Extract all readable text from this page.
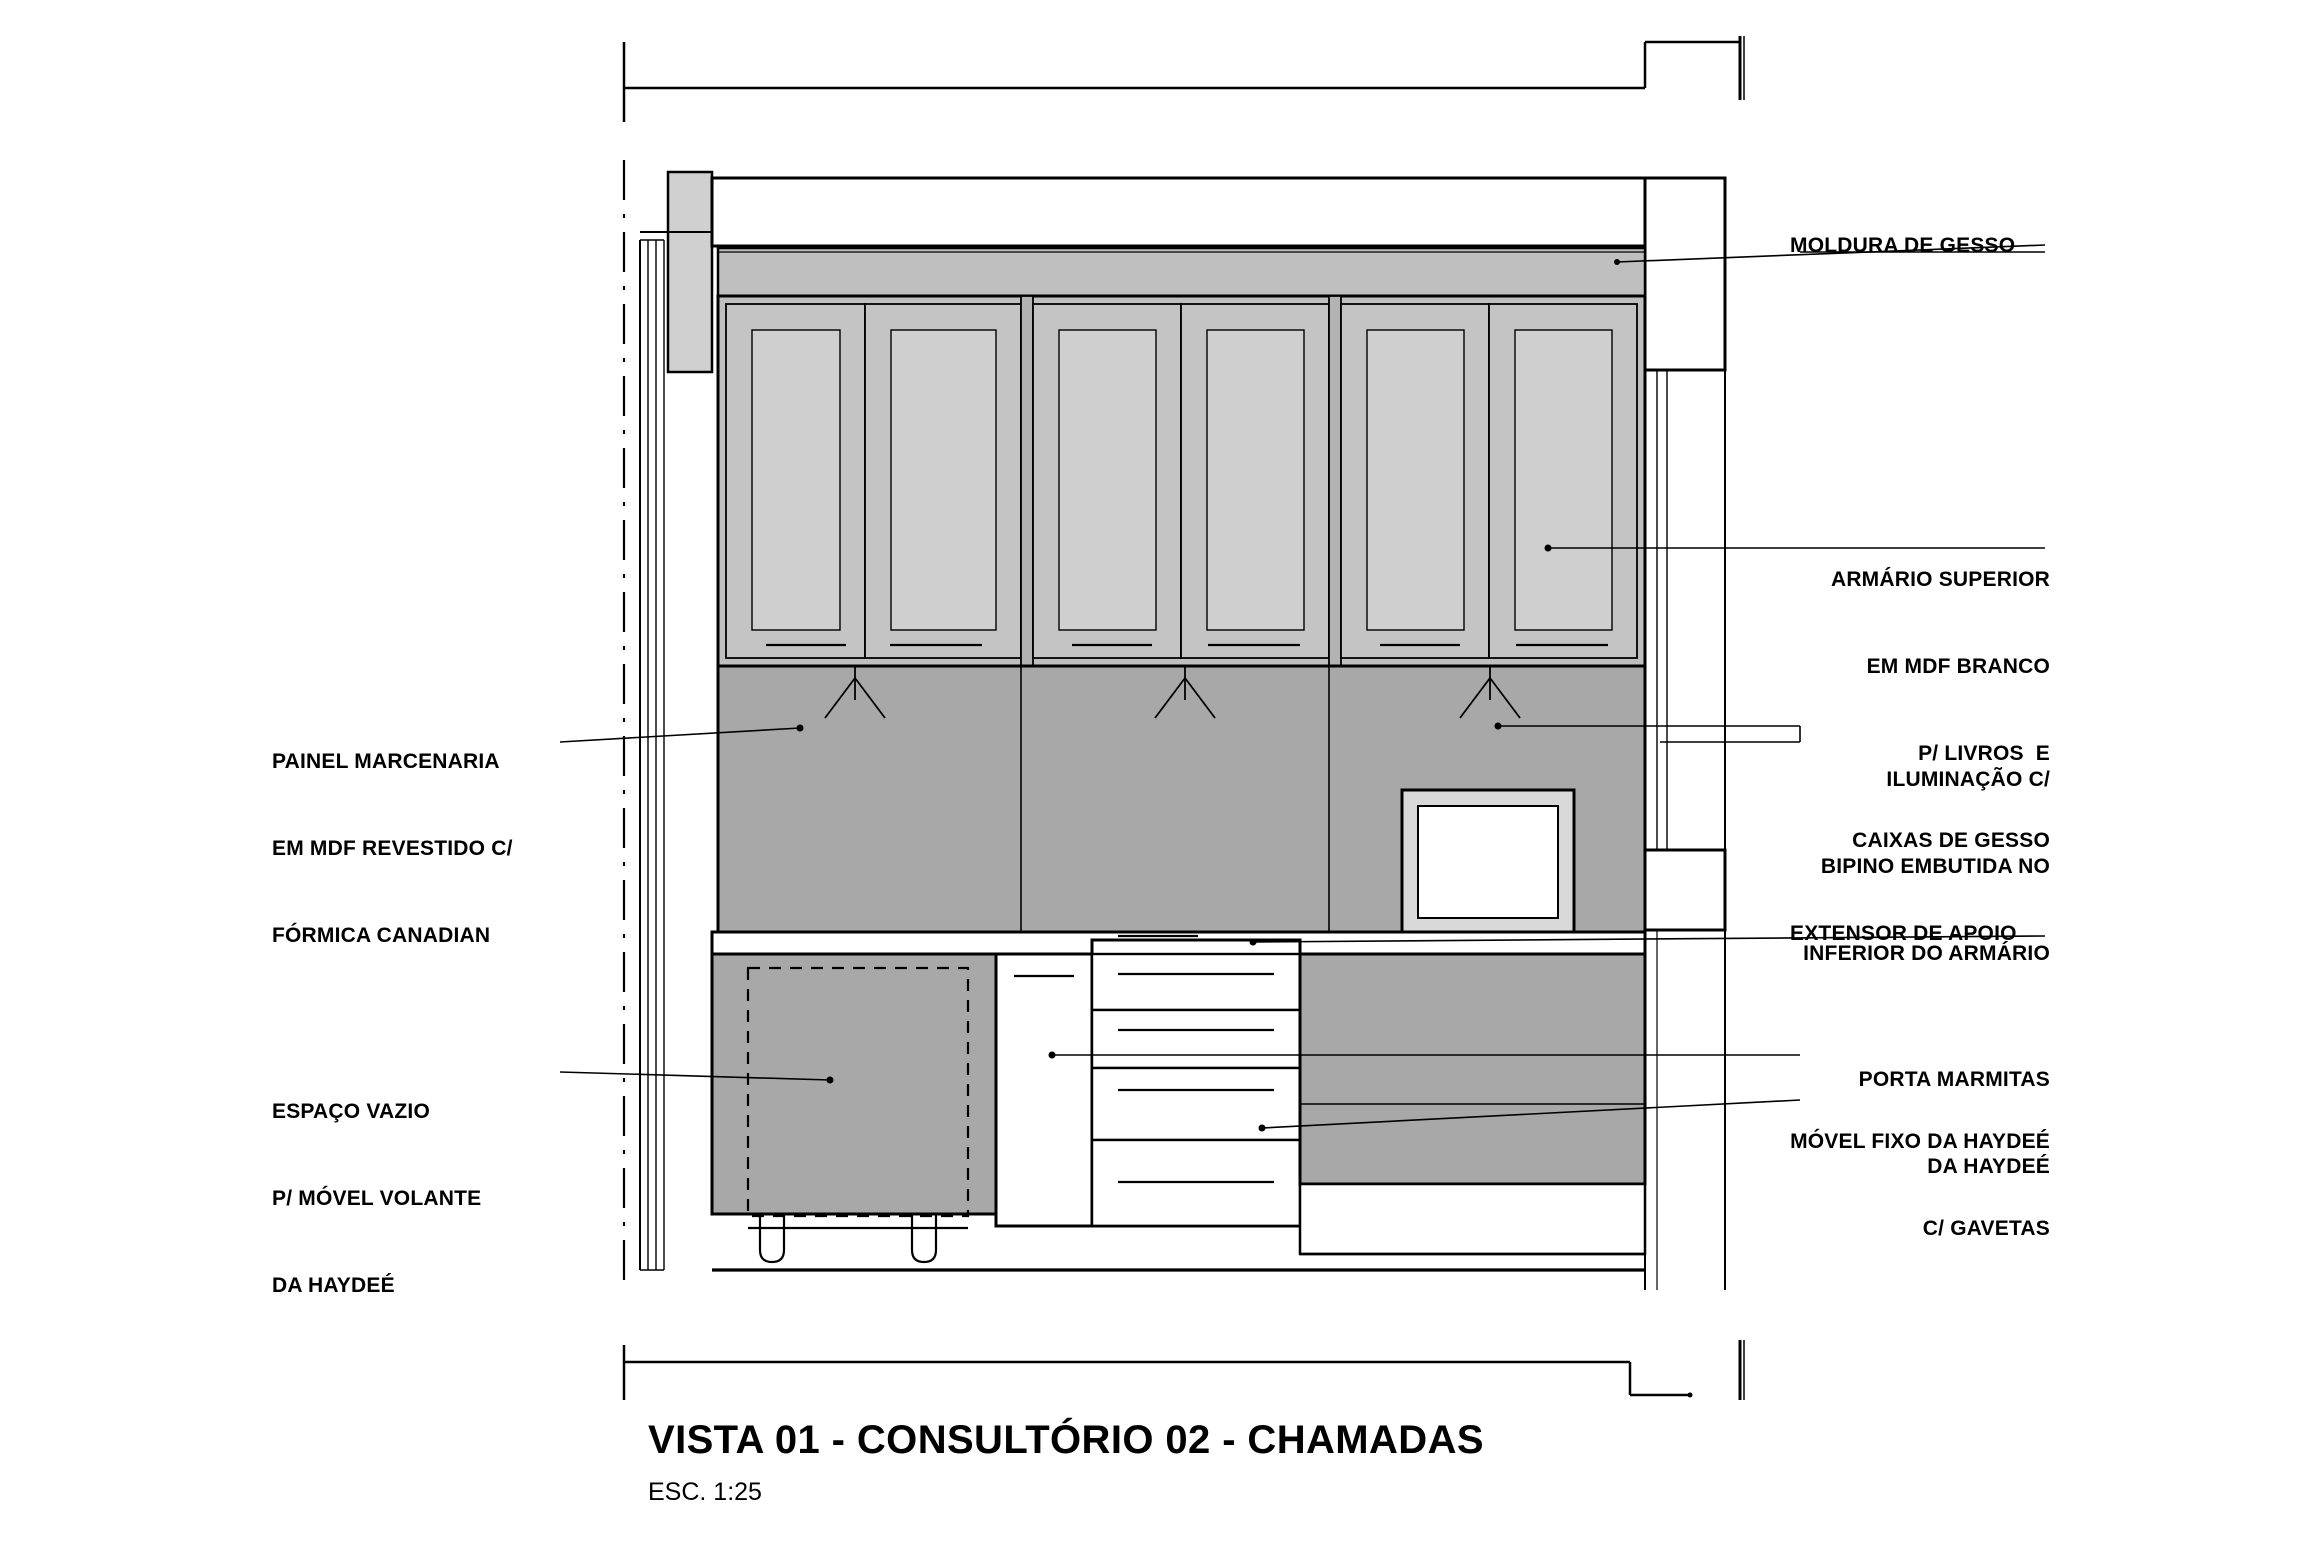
MOLDURA DE GESSO

ARMÁRIO SUPERIOR

EM MDF BRANCO

P/ LIVROS  E

CAIXAS DE GESSO

ILUMINAÇÃO C/

BIPINO EMBUTIDA NO

INFERIOR DO ARMÁRIO

EXTENSOR DE APOIO

PORTA MARMITAS

DA HAYDEÉ

MÓVEL FIXO DA HAYDEÉ

C/ GAVETAS

PAINEL MARCENARIA

EM MDF REVESTIDO C/

FÓRMICA CANADIAN

ESPAÇO VAZIO

P/ MÓVEL VOLANTE

DA HAYDEÉ

VISTA 01 - CONSULTÓRIO 02 - CHAMADAS
ESC. 1:25
